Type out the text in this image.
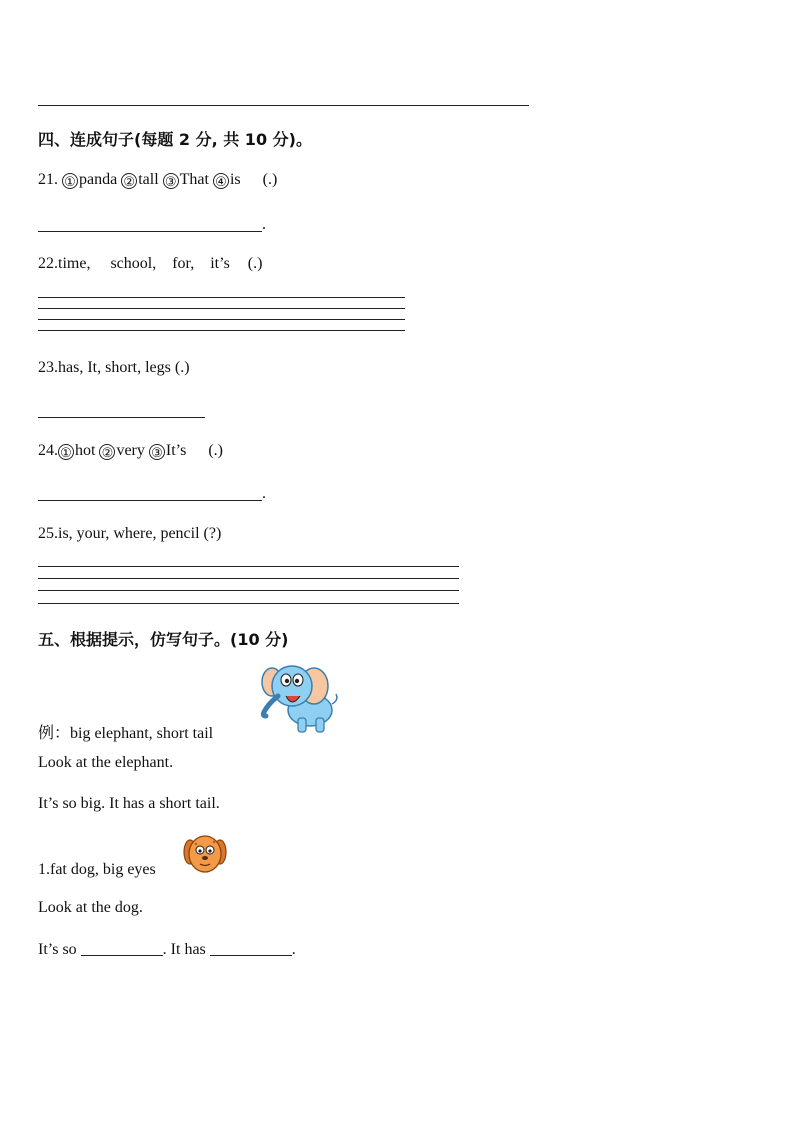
四、连成句子(每题 2 分, 共 10 分)。
21. ① panda ② tall ③ That ④ is (.)
.
22.time, school, for, it’s (.)
23.has, It, short, legs (.)
24. ① hot ② very ③ It’s (.)
.
25.is, your, where, pencil (?)
五、根据提示，仿写句子。(10 分)
例：big elephant, short tail
Look at the elephant.
It’s so big. It has a short tail.
1.fat dog, big eyes
Look at the dog.
It’s so	. It has	.
